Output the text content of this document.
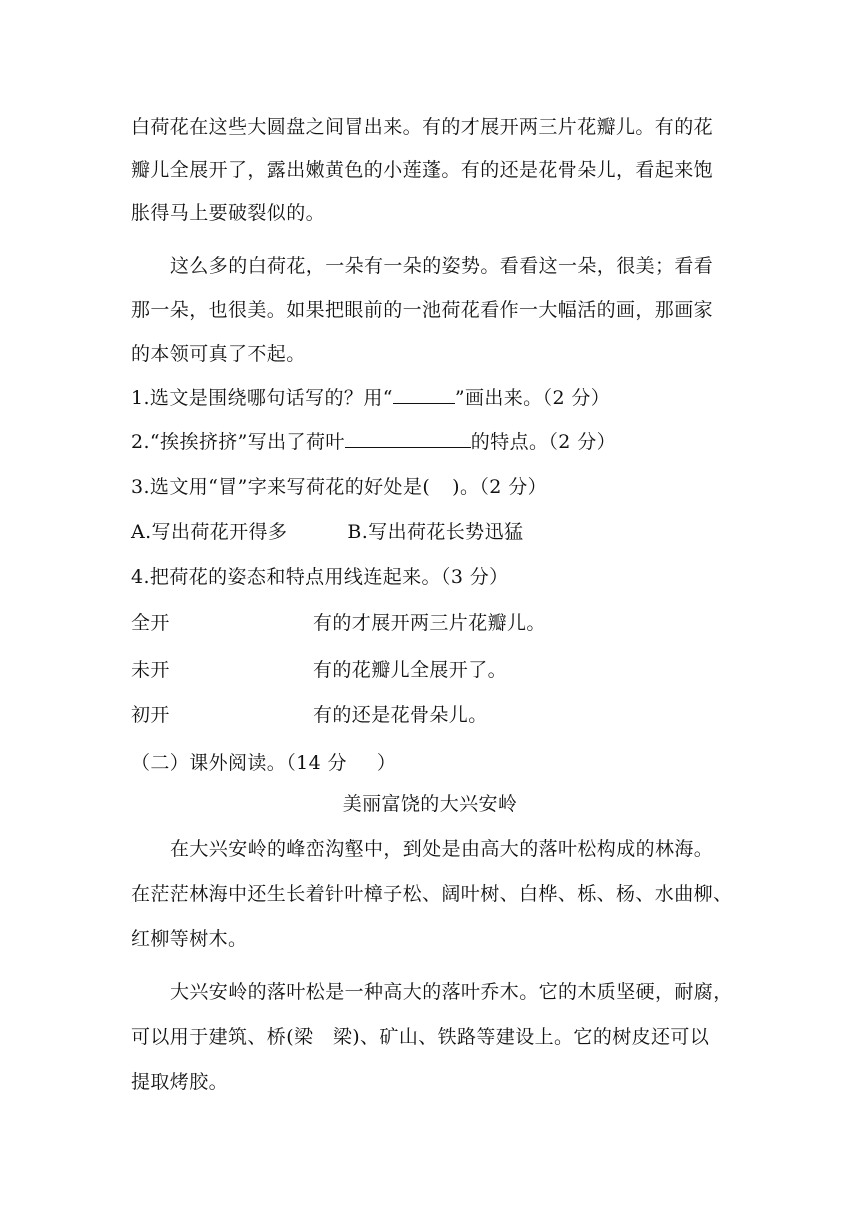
白荷花在这些大圆盘之间冒出来。有的才展开两三片花瓣儿。有的花
瓣儿全展开了，露出嫩黄色的小莲蓬。有的还是花骨朵儿，看起来饱
胀得马上要破裂似的。
这么多的白荷花，一朵有一朵的姿势。看看这一朵，很美；看看
那一朵，也很美。如果把眼前的一池荷花看作一大幅活的画，那画家
的本领可真了不起。
1.选文是围绕哪句话写的？用“	”画出来。（2 分）
2.“挨挨挤挤”写出了荷叶	的特点。（2 分）
3.选文用“冒”字来写荷花的好处是( )。（2 分）
A.写出荷花开得多	B.写出荷花长势迅猛
4.把荷花的姿态和特点用线连起来。（3 分）
全开	有的才展开两三片花瓣儿。
未开	有的花瓣儿全展开了。
初开	有的还是花骨朵儿。
（二）课外阅读。（14 分 ）
美丽富饶的大兴安岭
在大兴安岭的峰峦沟壑中，到处是由高大的落叶松构成的林海。
在茫茫林海中还生长着针叶樟子松、阔叶树、白桦、栎、杨、水曲柳、
红柳等树木。
大兴安岭的落叶松是一种高大的落叶乔木。它的木质坚硬，耐腐，
可以用于建筑、桥(梁　梁)、矿山、铁路等建设上。它的树皮还可以
提取烤胶。
